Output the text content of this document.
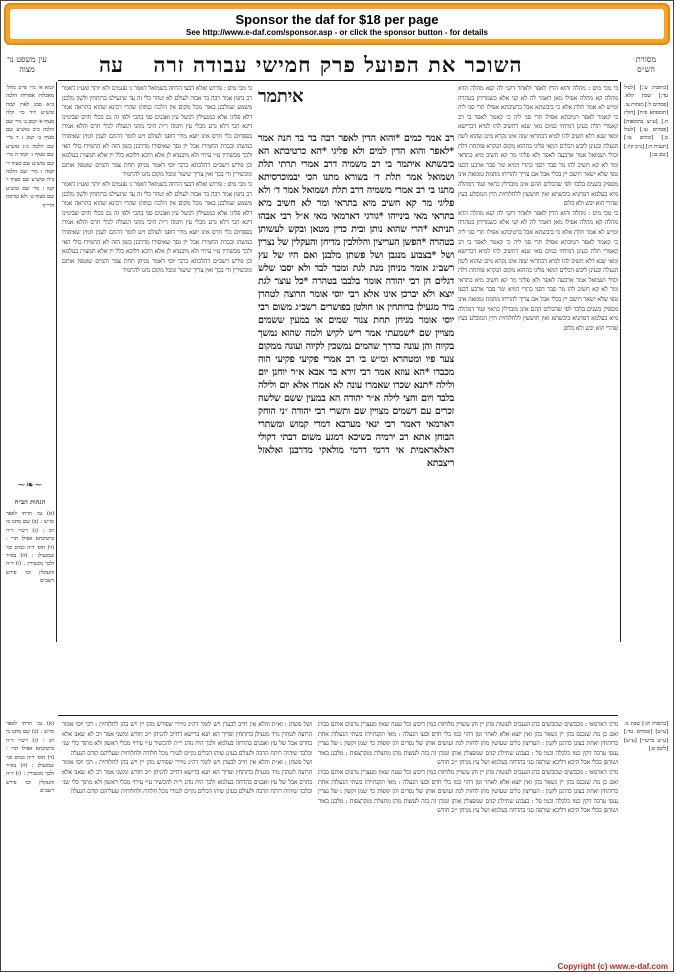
Sponsor the daf for $18 per page
See http://www.e-daf.com/sponsor.asp - or click the sponsor button - for details
עין משפט נר מצוה
מסורת הש״ס
עה	השוכר את הפועל פרק חמישי עבודה זרה
קמא א׳ מ״י פי״ב מהל׳ מאכלות אסורות הלכה כ״א סמג לאוין קמח טוש״ע יו״ד סי׳ קלה סעיף א׳ קמב ב׳ מיי׳ שם הלכה כ״ב טוש״ע שם סעיף ב׳ קמג ג ד מיי׳ שם הלכה כ״ג טוש״ע שם סעיף ג׳ קמד ה מיי׳ שם טוש״ע שם סעיף ד׳ קמה ו מיי׳ שם הלכה כ״ה טוש״ע שם סעיף ו׳ קמו ז מיי׳ שם טוש״ע שם סעיף ט׳ ולא כגרסת הרי״ף
~❧~
הגהות הב״ח
(א) גמ׳ תרתי לאפר ומ״ש : (ב) שם מתנו בי רב : (ג) רש״י ד״ה כרטיבתא אפילו תרי : (ד) תוס׳ ד״ה כמים וכו׳ שמגעילן : (ה) בא״ד ולכך מכשירין : (ו) ד״ה והעקלין וכו׳ פירש רשב״ם
[כתובות ע׳:] [לעיל עד:] שבת קלא. [פסחים ל:] מנחות צו. [תוספתא פ״ח] [חולין ח.] [ע״ש בתוספות] [פסחים עו.] [לעיל מ.] [זבחים צו:] [תענית ה:] [ב״ב קה.] [שם נב:]
כי מכי מיס : פירוש ואלא דבעי הדחה בשמואל דאמר ג׳ פעמים ולא יותר ואע״ג דאמר רב נחמן אמר רבה בר אבוה לעולם לא יטהר כלי זה עד שיגעילנו ברותחין ולשון מלבנן משמע שמלבנן באור מכל מקום אין הלכה כמותו שהרי רבינא שהוא בתראה אמר דלא פליגי אלא במגעילין דבשל עץ ואבנים סגי בהכי ולפי זה גם בכלי חרס שבימינו דינא הכי דלא גרע מכלי עץ ותמה ר״ת היכי מהני הגעלה לכלי חרס והלא אמרו בפסחים כלי חרס אינו יוצא מידי דופנו לעולם ויש לומר דהתם לענין חמץ שאיסורו במשהו ובכרת החמירו אבל יין נסך שאיסורו מדרבנן בזמן הזה לא החמירו כולי האי ולכך מכשירין ע״י עירוי ולא מיבעיא לן אלא היכא דליכא כלל יין אלא תמצית בעלמא וכן פירש רשב״ם דהלכתא כרבי יוסי דאמר מניחן תחת צנור והמים שוטפין אותם ומכשירין ודי בכך ואין צריך שיעור ומכל מקום נהגו להחמיר
כי מכי מיס : פירוש ואלא דבעי הדחה בשמואל דאמר ג׳ פעמים ולא יותר ואע״ג דאמר רב נחמן אמר רבה בר אבוה לעולם לא יטהר כלי זה עד שיגעילנו ברותחין ולשון מלבנן משמע שמלבנן באור מכל מקום אין הלכה כמותו שהרי רבינא שהוא בתראה אמר דלא פליגי אלא במגעילין דבשל עץ ואבנים סגי בהכי ולפי זה גם בכלי חרס שבימינו דינא הכי דלא גרע מכלי עץ ותמה ר״ת היכי מהני הגעלה לכלי חרס והלא אמרו בפסחים כלי חרס אינו יוצא מידי דופנו לעולם ויש לומר דהתם לענין חמץ שאיסורו במשהו ובכרת החמירו אבל יין נסך שאיסורו מדרבנן בזמן הזה לא החמירו כולי האי ולכך מכשירין ע״י עירוי ולא מיבעיא לן אלא היכא דליכא כלל יין אלא תמצית בעלמא וכן פירש רשב״ם דהלכתא כרבי יוסי דאמר מניחן תחת צנור והמים שוטפין אותם ומכשירין ודי בכך ואין צריך שיעור ומכל מקום נהגו להחמיר
כי מכי מיס : מהלה והוא הדין לאפר ולאחר דקני לה קנא מהלה הדא מהלה קא מהלה אפילו מאן דאמר לה לא קני אלא כשמדיחן בטהרה ומ״ש לא אמר תלת אלא כי ביבשתא אבל ברטיבתא אפילו תרי סגי ליה כי קאמר לאפר רטיבתא אפילו תרי סגי ליה כי קאמר לאפר בי רב קאמרי תלת בעינן דמיחזי כמים מאי שנא דחשיב להו למיא דברישא ומאי שנא דלא חשיב להו למיא דבתראי שזה אינו נקרא מים שהוא לשון הגעלה ובעינן ליבש הכלים דמאי פליגי בההוא מקום הנקרא פותחת דלת וכולי ושמואל אמר ארבעה לאפר ולא פליגי מר קא חשיב מיא בתראי ומר לא קא חשיב להו מר סבר דסגי כתרי דמיא ומר סבר ארבע דבעו טפי שלא ישאר רושם יין בכלי אבל אם צריך להדיחו מחמת טומאה אינו מספיק בשנים בלבד לפי שהכלים ההם אינן מובדלין כראוי ועוד דמהלה מיא בעלמא דמחניא ביבשתא ואין חוששין ללחלוחית היין המובלע בעץ שהרי הוא יבש ולא כלום
כי מכי מיס : מהלה והוא הדין לאפר ולאחר דקני לה קנא מהלה הדא מהלה קא מהלה אפילו מאן דאמר לה לא קני אלא כשמדיחן בטהרה ומ״ש לא אמר תלת אלא כי ביבשתא אבל ברטיבתא אפילו תרי סגי ליה כי קאמר לאפר רטיבתא אפילו תרי סגי ליה כי קאמר לאפר בי רב קאמרי תלת בעינן דמיחזי כמים מאי שנא דחשיב להו למיא דברישא ומאי שנא דלא חשיב להו למיא דבתראי שזה אינו נקרא מים שהוא לשון הגעלה ובעינן ליבש הכלים דמאי פליגי בההוא מקום הנקרא פותחת דלת וכולי ושמואל אמר ארבעה לאפר ולא פליגי מר קא חשיב מיא בתראי ומר לא קא חשיב להו מר סבר דסגי כתרי דמיא ומר סבר ארבע דבעו טפי שלא ישאר רושם יין בכלי אבל אם צריך להדיחו מחמת טומאה אינו מספיק בשנים בלבד לפי שהכלים ההם אינן מובדלין כראוי ועוד דמהלה מיא בעלמא דמחניא ביבשתא ואין חוששין ללחלוחית היין המובלע בעץ שהרי הוא יבש ולא כלום
איתמר
רב אמר כמים *והוא הדין לאפר רבה בר בר חנה אמר *לאפר והוא הדין למים ולא פליגי *הא כרטיבתא הא ביבשתא איתמר בי רב משמיה דרב אמרי תרתי תלת ושמואל אמר תלת ד׳ בשורא מתנו הכי יבמוכרסיתא מתנו בי רב אמרי משמיה דרב תלת ושמואל אמר ד׳ ולא פליגי מר קא חשיב מיא בתראי ומר לא חשיב מיא בתראי מאי בינייהו *גורגי דארמאי מאי א״ל רבי אבהו תניתא *הרי שהוא נותן ובית כדין מטאן ובקש לעשותן בטהרה *הפשן העריצין והלולבין מדיחן והעקלין של נצרין ושל *בצבוע מנגבן ושל פשתן מלבנן ואם היו של עץ רשב״ג אומר מניחן מנת לגת ומכר לבד ולא יסבו שלש דגלים הן רבי יהודה אומר בלבבו בטהרה *כל עוצר לגת יוצא ולא יברכן אינו אלא רבי יוסי אומר הרוצה לטהרן מיד מגעילן ברותחין או חולטן בפושרים רשב״ג משום רבי יוסי אומר מניחן תחת צנור שמים או במעין ששמים מצויין שם *שמעתי אמר ריש לקיש ולמה שהוא נמשך בקיוה והן עונה כדרך שהמים נמשכין לקיוה ועונה ממקום צער פיו ומטהרא ומ״ש בי רב אמרי פקיעי פקיעי הוה מכבדו *הא עוזא אמר רבי זירא בר אבא א״ר יוחנן יום ולילה *תנא שכרו שאמרו עונה לא אמרו אלא יום ולילה בלבד ויום וחצי לילה א״ר יהודה הא במעין ששם שלשה זכרים עם דשמים מצויין שם ותשרי רבי יהודה ״ני הוחק דארמאי דאמר רבי ינאי מערבא דמרי קמוש ומשתרי הבוחן אתא רב ירמיה בשיכא דמגע משום דבתי דקולי דאלאראמית אי דרמי דרמי מולאקי מדרבנן ואלאזל ריצבתא
גורגי דארמאי : מכבשים שכובשים בהן הענבים לעשות מהן יין והן עשויין מלוחות כמין ריבוע וכל שעה שאין מעצרין נותנים אותם בבית ואם כן מה שנכנס בהן יין נשאר בהן ואין יוצא אלא לאחר זמן דהוי כמו כלי חרס ובעו הגעלה : מאי תקנתייהו בשתי הגעלות אחת ברותחין ואחת בצונן כדתנן לקמן : העריצין כלים שעושין מהן לוחות לגת ועושים אותן של נסרים והן קופות כך שמן וקשין : של נצרין ענפי ערבה דקין כמו כלכלה וכמו סל : בצבוע שתילת קנים שמפצלין אותן ונוגדן זה בזה לעשות מהן מחצלת ומקרצפות : מלבנן באור ושורפן בכלי אבל היכא דליכא שורפה סגי בהדחה בעלמא ושל עץ מניחן י״ב חודש
גורגי דארמאי : מכבשים שכובשים בהן הענבים לעשות מהן יין והן עשויין מלוחות כמין ריבוע וכל שעה שאין מעצרין נותנים אותם בבית ואם כן מה שנכנס בהן יין נשאר בהן ואין יוצא אלא לאחר זמן דהוי כמו כלי חרס ובעו הגעלה : מאי תקנתייהו בשתי הגעלות אחת ברותחין ואחת בצונן כדתנן לקמן : העריצין כלים שעושין מהן לוחות לגת ועושים אותן של נסרים והן קופות כך שמן וקשין : של נצרין ענפי ערבה דקין כמו כלכלה וכמו סל : בצבוע שתילת קנים שמפצלין אותן ונוגדן זה בזה לעשות מהן מחצלת ומקרצפות : מלבנן באור ושורפן בכלי אבל היכא דליכא שורפה סגי בהדחה בעלמא ושל עץ מניחן י״ב חודש
ושל פשתן : וא״ת והלא אין חייב לבערן ויש לומר דה״נ מיירי שפירש מהן יין ויש בהן לחלוחית : רבי יוסי אומר הרוצה לטהרן מיד מגעילן ברותחין ופריך הא תנא ברישא דחייב להניחן י״ב חודש ומשני אמר רב לא שאנו אלא בחרס אבל של עץ ואבנים בהדחה בעלמא ולכך היה נוהג ר״ת להכשיר ע״י עירוי מכלי ראשון ולא מתוך כלי שני ובלבד שיהיה רותח הרבה ולעולם בעינן שיהו הכלים נקיים לגמרי מכל חלודה ולחלוחית שעליהם קודם הגעלה
ושל פשתן : וא״ת והלא אין חייב לבערן ויש לומר דה״נ מיירי שפירש מהן יין ויש בהן לחלוחית : רבי יוסי אומר הרוצה לטהרן מיד מגעילן ברותחין ופריך הא תנא ברישא דחייב להניחן י״ב חודש ומשני אמר רב לא שאנו אלא בחרס אבל של עץ ואבנים בהדחה בעלמא ולכך היה נוהג ר״ת להכשיר ע״י עירוי מכלי ראשון ולא מתוך כלי שני ובלבד שיהיה רותח הרבה ולעולם בעינן שיהו הכלים נקיים לגמרי מכל חלודה ולחלוחית שעליהם קודם הגעלה
[כתובות קז:] שבת נו: [ע״ש] [פסחים עד:] [ע״ש ברש״י] [ע״ש] [לקמן פ:]
(א) גמ׳ תרתי לאפר ומ״ש : (ב) שם מתנו בי רב : (ג) רש״י ד״ה כרטיבתא אפילו תרי : (ד) תוס׳ ד״ה כמים וכו׳ שמגעילן : (ה) בא״ד ולכך מכשירין : (ו) ד״ה והעקלין וכו׳ פירש רשב״ם
Copyright (c) www.e-daf.com
